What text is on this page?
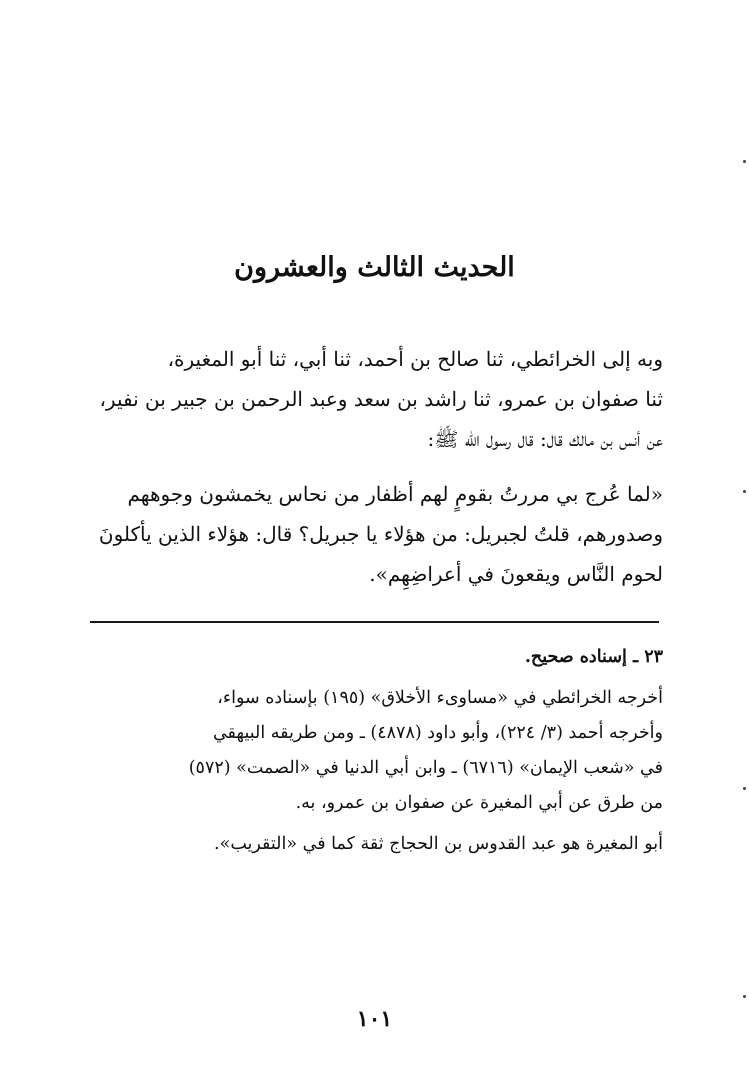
الحديث الثالث والعشرون
وبه إلى الخرائطي، ثنا صالح بن أحمد، ثنا أبي، ثنا أبو المغيرة،
ثنا صفوان بن عمرو، ثنا راشد بن سعد وعبد الرحمن بن جبير بن نفير،
عن أنس بن مالك قال: قال رسول الله ﷺ:
«لما عُرج بي مررتُ بقومٍ لهم أظفار من نحاس يخمشون وجوههم
وصدورهم، قلتُ لجبريل: من هؤلاء يا جبريل؟ قال: هؤلاء الذين يأكلونَ
لحوم النَّاس ويقعونَ في أعراضِهِم».
٢٣ ـ إسناده صحيح.
أخرجه الخرائطي في «مساوىء الأخلاق» (١٩٥) بإسناده سواء،
وأخرجه أحمد (٣/ ٢٢٤)، وأبو داود (٤٨٧٨) ـ ومن طريقه البيهقي
في «شعب الإيمان» (٦٧١٦) ـ وابن أبي الدنيا في «الصمت» (٥٧٢)
من طرق عن أبي المغيرة عن صفوان بن عمرو، به.
أبو المغيرة هو عبد القدوس بن الحجاج ثقة كما في «التقريب».
١٠١
